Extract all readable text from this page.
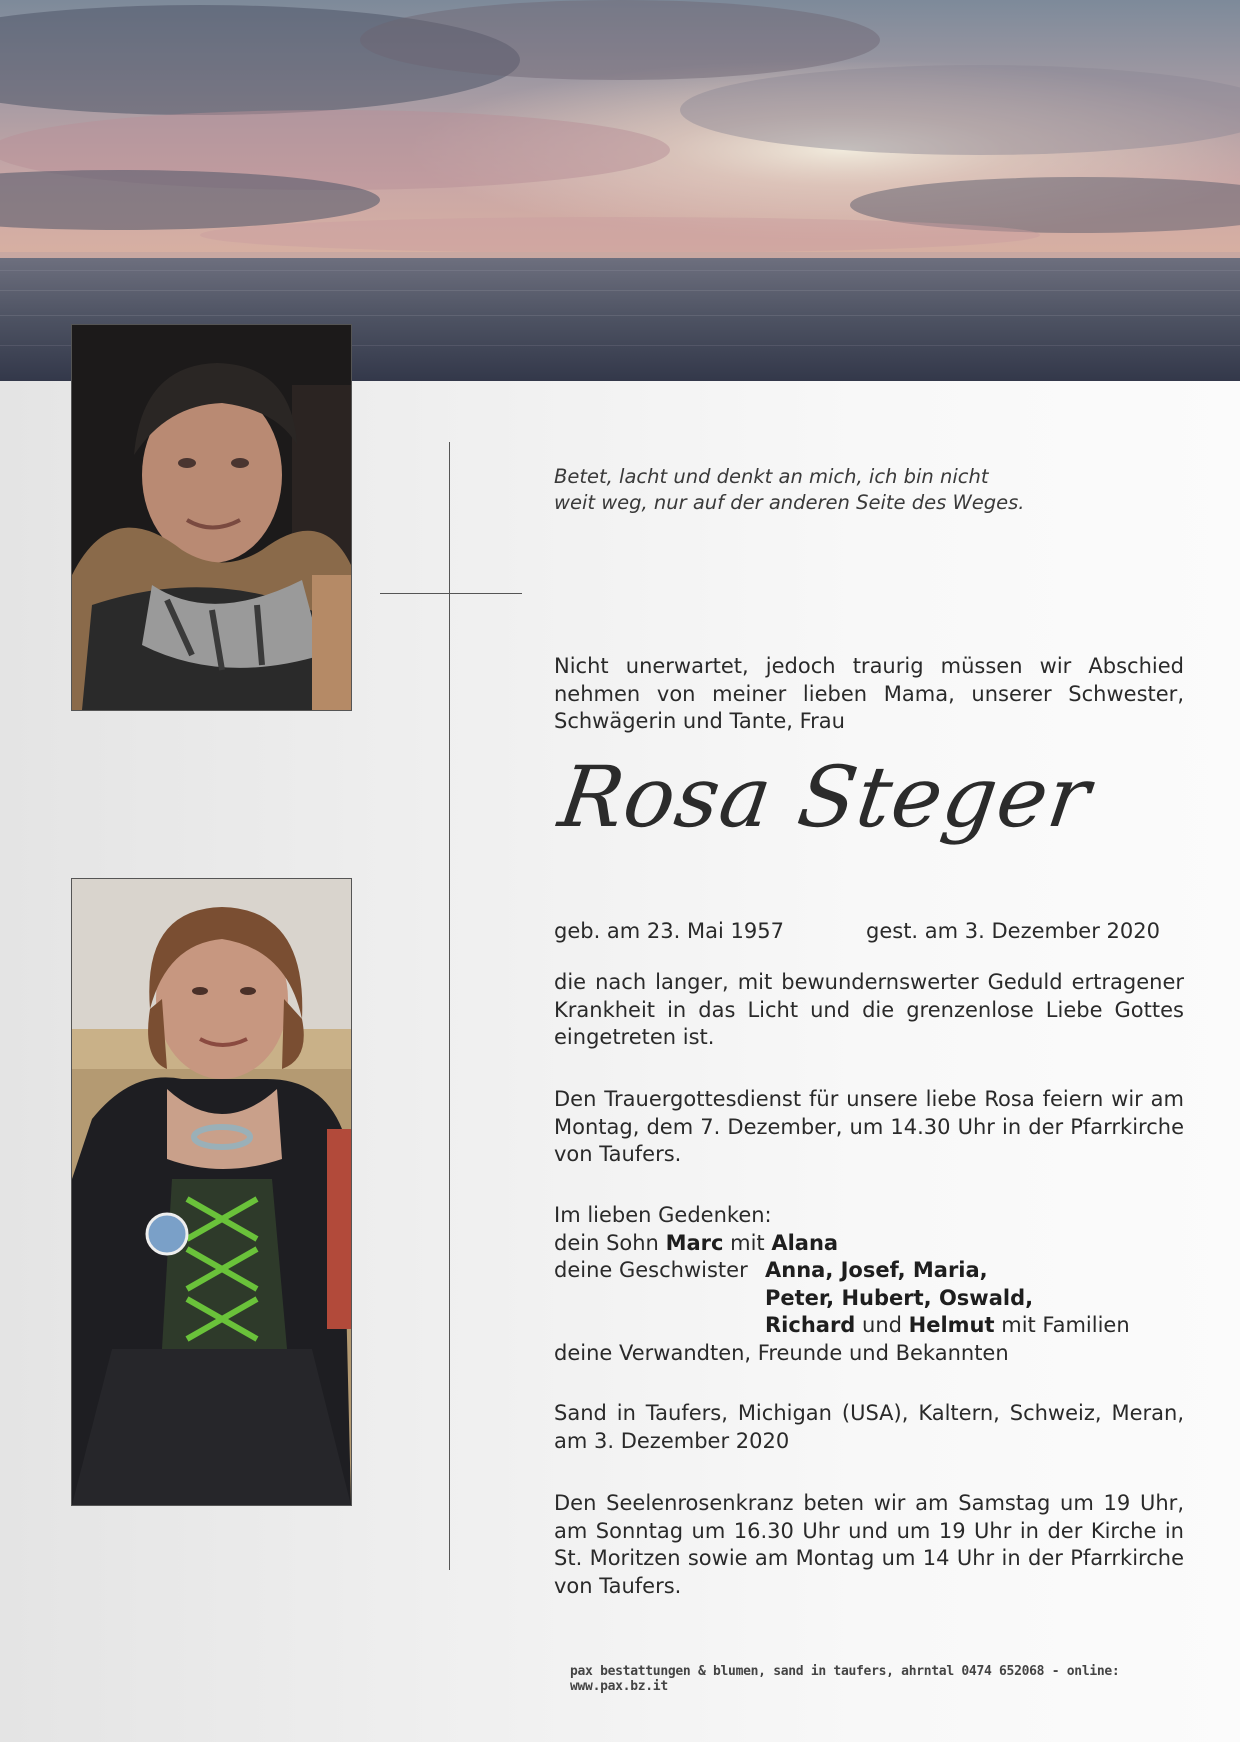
Betet, lacht und denkt an mich, ich bin nicht
weit weg, nur auf der anderen Seite des Weges.
Nicht unerwartet, jedoch traurig müssen wir Abschied nehmen von meiner lieben Mama, unserer Schwester, Schwägerin und Tante, Frau
Rosa Steger
geb. am 23. Mai 1957	gest. am 3. Dezember 2020
die nach langer, mit bewundernswerter Geduld ertragener Krankheit in das Licht und die grenzenlose Liebe Gottes eingetreten ist.
Den Trauergottesdienst für unsere liebe Rosa feiern wir am Montag, dem 7. Dezember, um 14.30 Uhr in der Pfarrkirche von Taufers.
Im lieben Gedenken:
dein Sohn Marc mit Alana
deine Geschwister Anna, Josef, Maria,
Peter, Hubert, Oswald,
Richard und Helmut mit Familien
deine Verwandten, Freunde und Bekannten
Sand in Taufers, Michigan (USA), Kaltern, Schweiz, Meran, am 3. Dezember 2020
Den Seelenrosenkranz beten wir am Samstag um 19 Uhr, am Sonntag um 16.30 Uhr und um 19 Uhr in der Kirche in St. Moritzen sowie am Montag um 14 Uhr in der Pfarrkirche von Taufers.
pax bestattungen & blumen, sand in taufers, ahrntal 0474 652068 - online: www.pax.bz.it
